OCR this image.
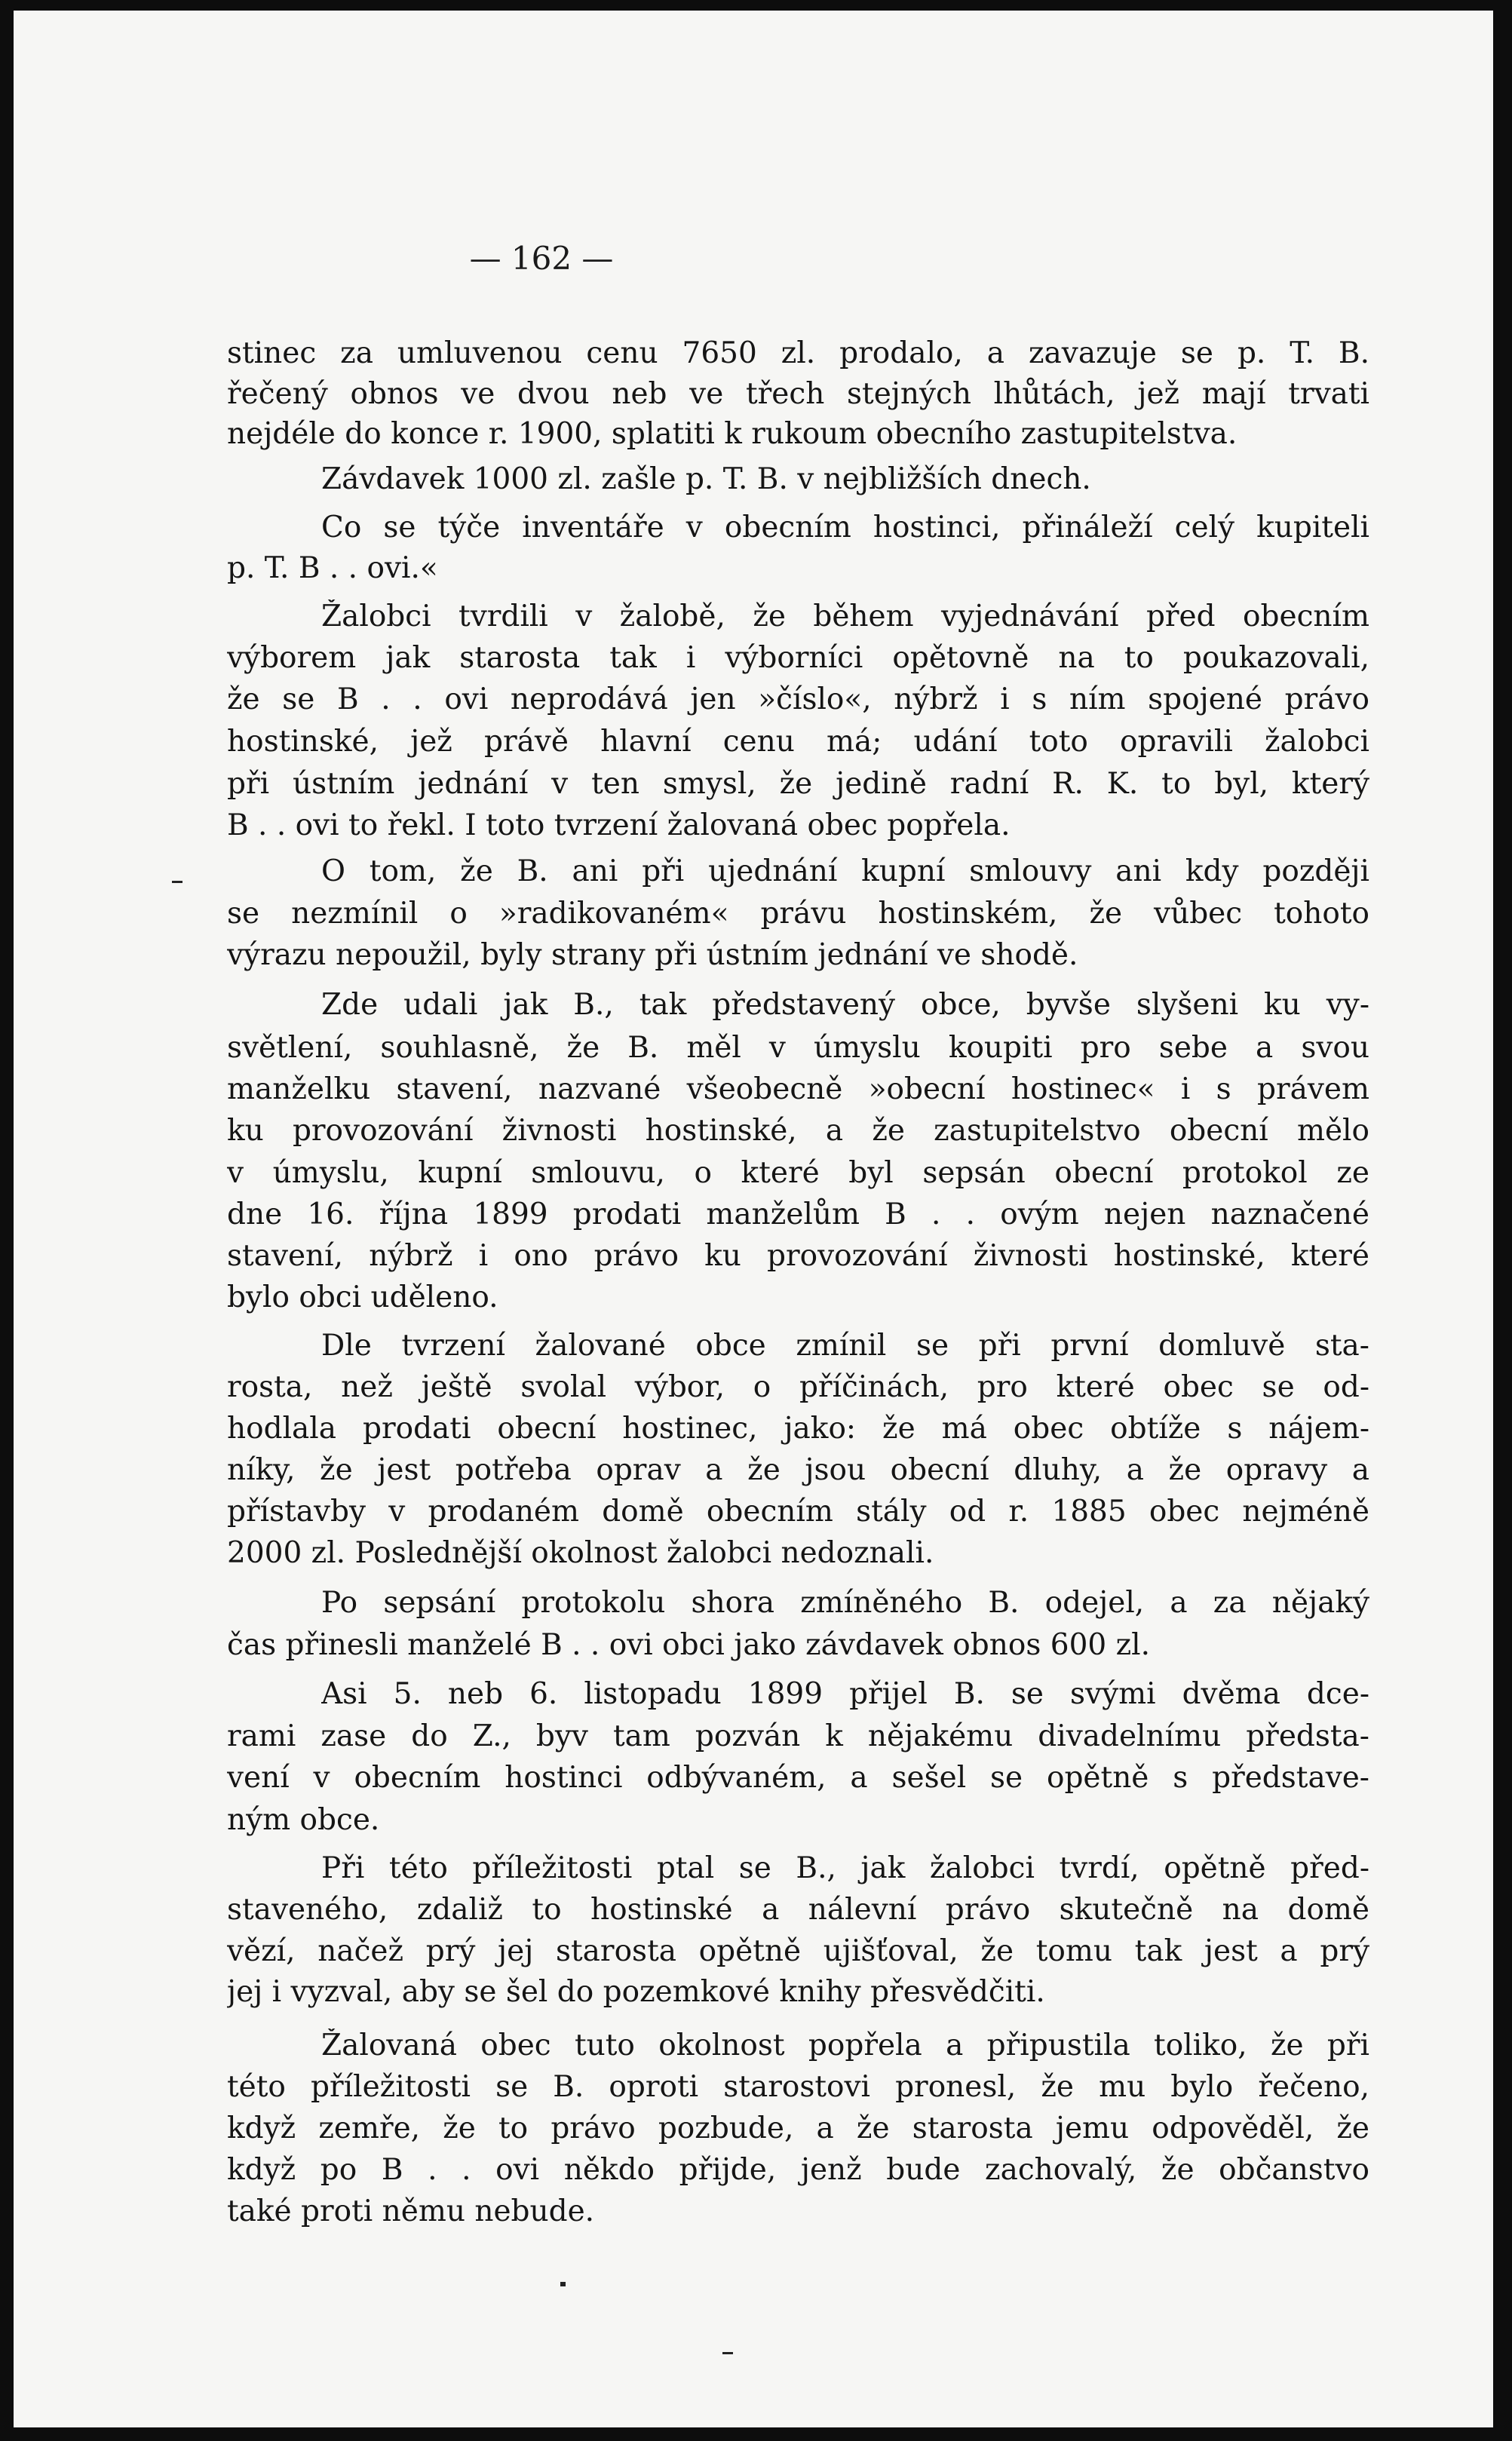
— 162 —
stinec za umluvenou cenu 7650 zl. prodalo, a zavazuje se p. T. B.
řečený obnos ve dvou neb ve třech stejných lhůtách, jež mají trvati
nejdéle do konce r. 1900, splatiti k rukoum obecního zastupitelstva.
Závdavek 1000 zl. zašle p. T. B. v nejbližších dnech.
Co se týče inventáře v obecním hostinci, přináleží celý kupiteli
p. T. B . . ovi.«
Žalobci tvrdili v žalobě, že během vyjednávání před obecním
výborem jak starosta tak i výborníci opětovně na to poukazovali,
že se B . . ovi neprodává jen »číslo«, nýbrž i s ním spojené právo
hostinské, jež právě hlavní cenu má; udání toto opravili žalobci
při ústním jednání v ten smysl, že jedině radní R. K. to byl, který
B . . ovi to řekl. I toto tvrzení žalovaná obec popřela.
O tom, že B. ani při ujednání kupní smlouvy ani kdy později
se nezmínil o »radikovaném« právu hostinském, že vůbec tohoto
výrazu nepoužil, byly strany při ústním jednání ve shodě.
Zde udali jak B., tak představený obce, byvše slyšeni ku vy-
světlení, souhlasně, že B. měl v úmyslu koupiti pro sebe a svou
manželku stavení, nazvané všeobecně »obecní hostinec« i s právem
ku provozování živnosti hostinské, a že zastupitelstvo obecní mělo
v úmyslu, kupní smlouvu, o které byl sepsán obecní protokol ze
dne 16. října 1899 prodati manželům B . . ovým nejen naznačené
stavení, nýbrž i ono právo ku provozování živnosti hostinské, které
bylo obci uděleno.
Dle tvrzení žalované obce zmínil se při první domluvě sta-
rosta, než ještě svolal výbor, o příčinách, pro které obec se od-
hodlala prodati obecní hostinec, jako: že má obec obtíže s nájem-
níky, že jest potřeba oprav a že jsou obecní dluhy, a že opravy a
přístavby v prodaném domě obecním stály od r. 1885 obec nejméně
2000 zl. Poslednější okolnost žalobci nedoznali.
Po sepsání protokolu shora zmíněného B. odejel, a za nějaký
čas přinesli manželé B . . ovi obci jako závdavek obnos 600 zl.
Asi 5. neb 6. listopadu 1899 přijel B. se svými dvěma dce-
rami zase do Z., byv tam pozván k nějakému divadelnímu předsta-
vení v obecním hostinci odbývaném, a sešel se opětně s představe-
ným obce.
Při této příležitosti ptal se B., jak žalobci tvrdí, opětně před-
staveného, zdaliž to hostinské a nálevní právo skutečně na domě
vězí, načež prý jej starosta opětně ujišťoval, že tomu tak jest a prý
jej i vyzval, aby se šel do pozemkové knihy přesvědčiti.
Žalovaná obec tuto okolnost popřela a připustila toliko, že při
této příležitosti se B. oproti starostovi pronesl, že mu bylo řečeno,
když zemře, že to právo pozbude, a že starosta jemu odpověděl, že
když po B . . ovi někdo přijde, jenž bude zachovalý, že občanstvo
také proti němu nebude.
